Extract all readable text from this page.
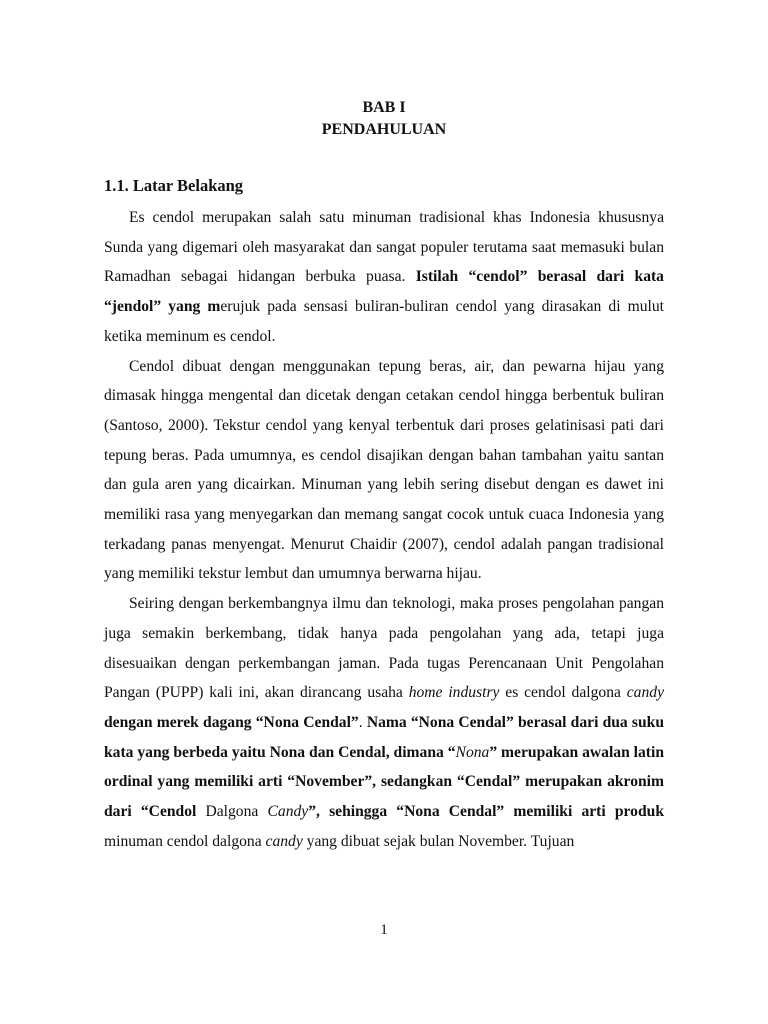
BAB I
PENDAHULUAN
1.1. Latar Belakang

Es cendol merupakan salah satu minuman tradisional khas Indonesia khususnya Sunda yang digemari oleh masyarakat dan sangat populer terutama saat memasuki bulan Ramadhan sebagai hidangan berbuka puasa. Istilah “cendol” berasal dari kata “jendol” yang merujuk pada sensasi buliran-buliran cendol yang dirasakan di mulut ketika meminum es cendol.

Cendol dibuat dengan menggunakan tepung beras, air, dan pewarna hijau yang dimasak hingga mengental dan dicetak dengan cetakan cendol hingga berbentuk buliran (Santoso, 2000). Tekstur cendol yang kenyal terbentuk dari proses gelatinisasi pati dari tepung beras. Pada umumnya, es cendol disajikan dengan bahan tambahan yaitu santan dan gula aren yang dicairkan. Minuman yang lebih sering disebut dengan es dawet ini memiliki rasa yang menyegarkan dan memang sangat cocok untuk cuaca Indonesia yang terkadang panas menyengat. Menurut Chaidir (2007), cendol adalah pangan tradisional yang memiliki tekstur lembut dan umumnya berwarna hijau.

Seiring dengan berkembangnya ilmu dan teknologi, maka proses pengolahan pangan juga semakin berkembang, tidak hanya pada pengolahan yang ada, tetapi juga disesuaikan dengan perkembangan jaman. Pada tugas Perencanaan Unit Pengolahan Pangan (PUPP) kali ini, akan dirancang usaha home industry es cendol dalgona candy dengan merek dagang “Nona Cendal”. Nama “Nona Cendal” berasal dari dua suku kata yang berbeda yaitu Nona dan Cendal, dimana “Nona” merupakan awalan latin ordinal yang memiliki arti “November”, sedangkan “Cendal” merupakan akronim dari “Cendol Dalgona Candy”, sehingga “Nona Cendal” memiliki arti produk minuman cendol dalgona candy yang dibuat sejak bulan November. Tujuan

1
